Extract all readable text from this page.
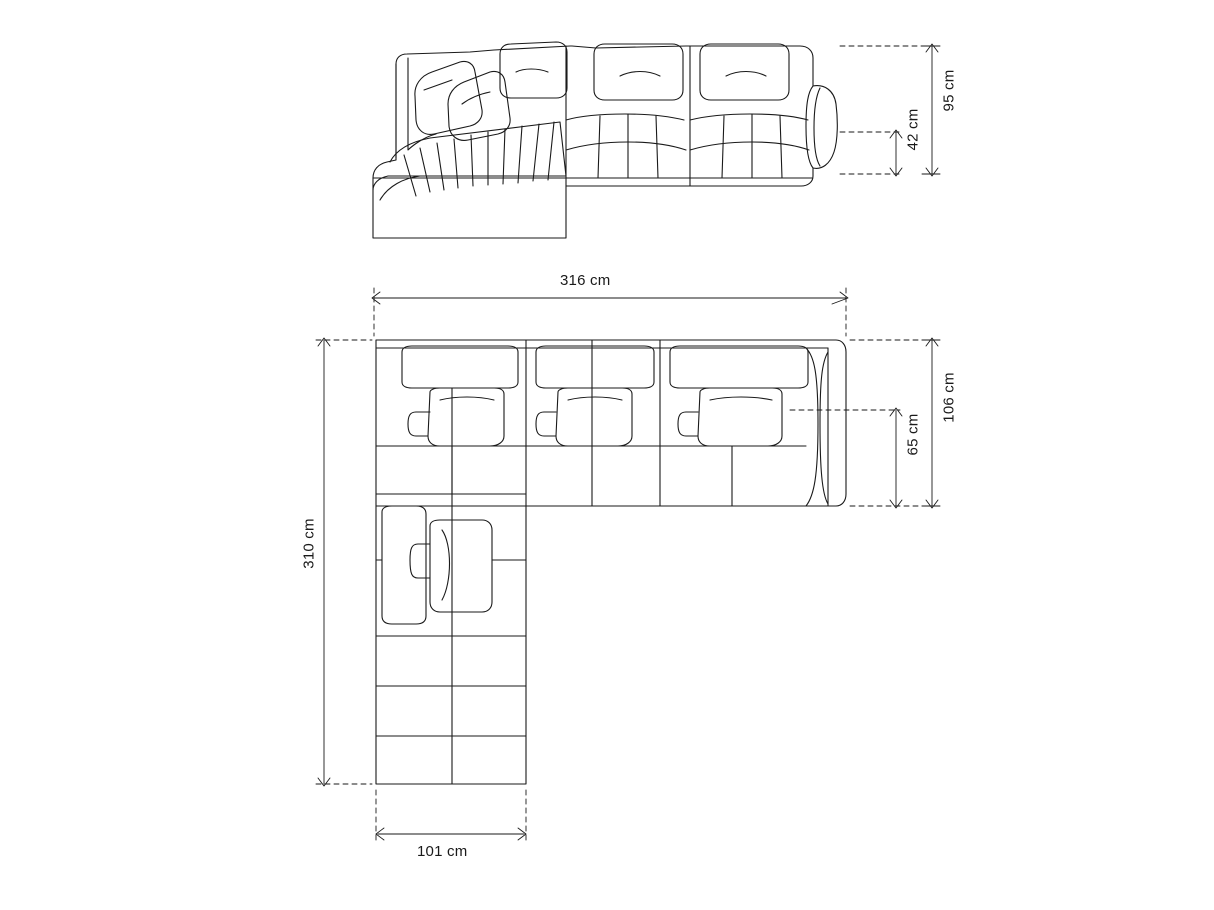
95 cm
42 cm
316 cm
310 cm
106 cm
65 cm
101 cm
